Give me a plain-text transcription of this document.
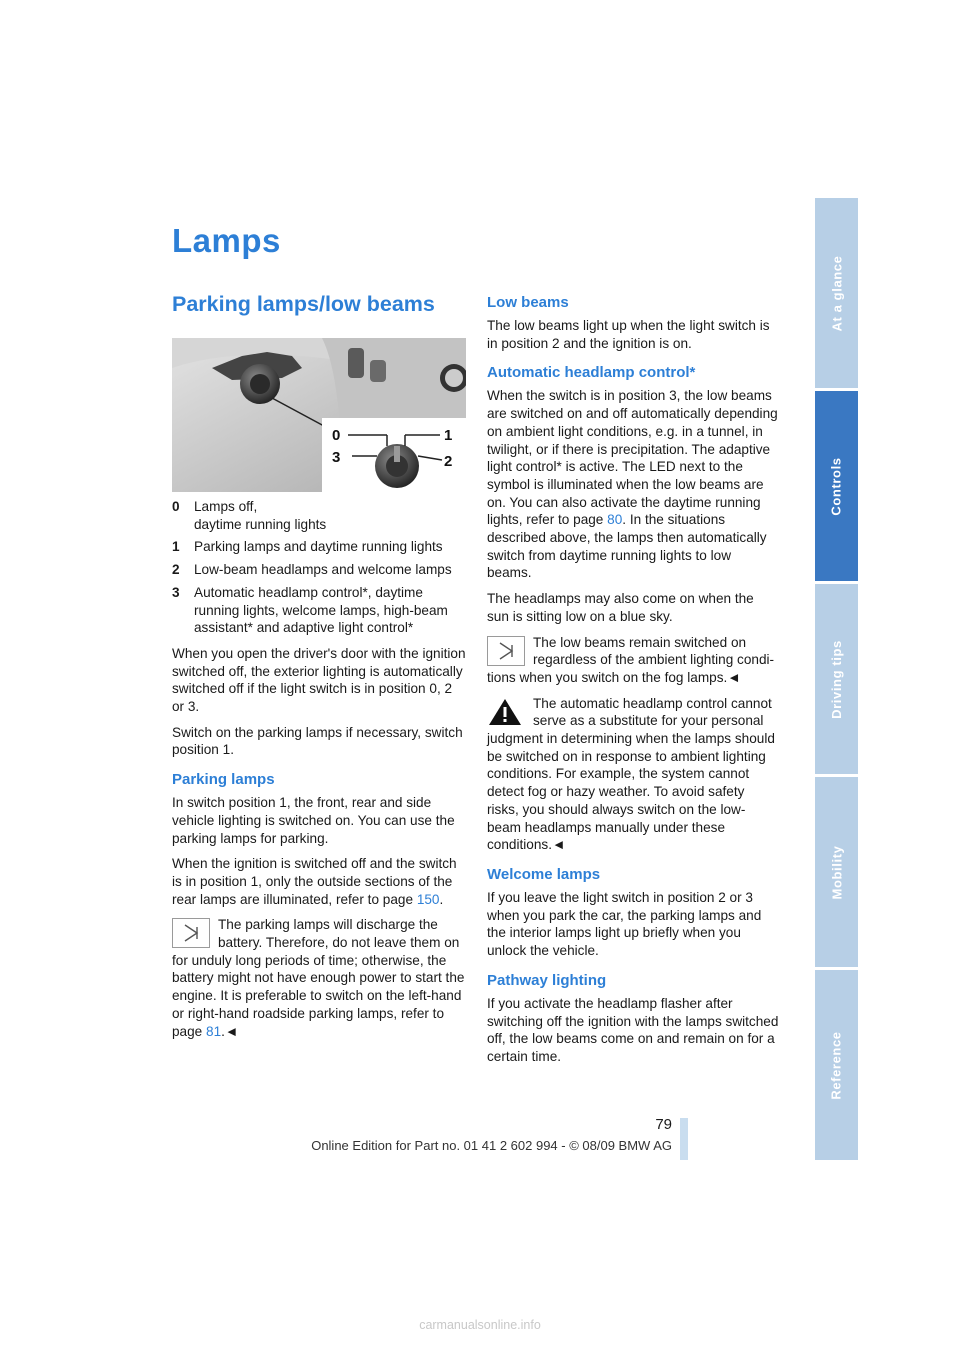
Lamps
Parking lamps/low beams
0	1
3	2
0	Lamps off,
daytime running lights
1	Parking lamps and daytime running lights
2	Low-beam headlamps and welcome lamps
3	Automatic headlamp control*, daytime running lights, welcome lamps, high-beam assistant* and adaptive light control*

When you open the driver's door with the ignition switched off, the exterior lighting is automatically switched off if the light switch is in position 0, 2 or 3.

Switch on the parking lamps if necessary, switch position 1.

Parking lamps

In switch position 1, the front, rear and side vehicle lighting is switched on. You can use the parking lamps for parking.

When the ignition is switched off and the switch is in position 1, only the outside sections of the rear lamps are illuminated, refer to page 150.

The parking lamps will discharge the battery. Therefore, do not leave them on for unduly long periods of time; otherwise, the battery might not have enough power to start the engine. It is preferable to switch on the left-hand or right-hand roadside parking lamps, refer to page 81.◄
Low beams

The low beams light up when the light switch is in position 2 and the ignition is on.

Automatic headlamp control*

When the switch is in position 3, the low beams are switched on and off automatically depending on ambient light conditions, e.g. in a tunnel, in twilight, or if there is precipitation. The adaptive light control* is active. The LED next to the symbol is illuminated when the low beams are on. You can also activate the daytime running lights, refer to page 80. In the situations described above, the lamps then automatically switch from daytime running lights to low beams.

The headlamps may also come on when the sun is sitting low on a blue sky.

The low beams remain switched on regardless of the ambient lighting condi- tions when you switch on the fog lamps.◄
The automatic headlamp control cannot serve as a substitute for your personal judgment in determining when the lamps should be switched on in response to ambient lighting conditions. For example, the system cannot detect fog or hazy weather. To avoid safety risks, you should always switch on the low-beam headlamps manually under these conditions.◄
Welcome lamps

If you leave the light switch in position 2 or 3 when you park the car, the parking lamps and the interior lamps light up briefly when you unlock the vehicle.

Pathway lighting

If you activate the headlamp flasher after switching off the ignition with the lamps switched off, the low beams come on and remain on for a certain time.

At a glance
Controls
Driving tips
Mobility
Reference
79
Online Edition for Part no. 01 41 2 602 994 - © 08/09 BMW AG
carmanualsonline.info
